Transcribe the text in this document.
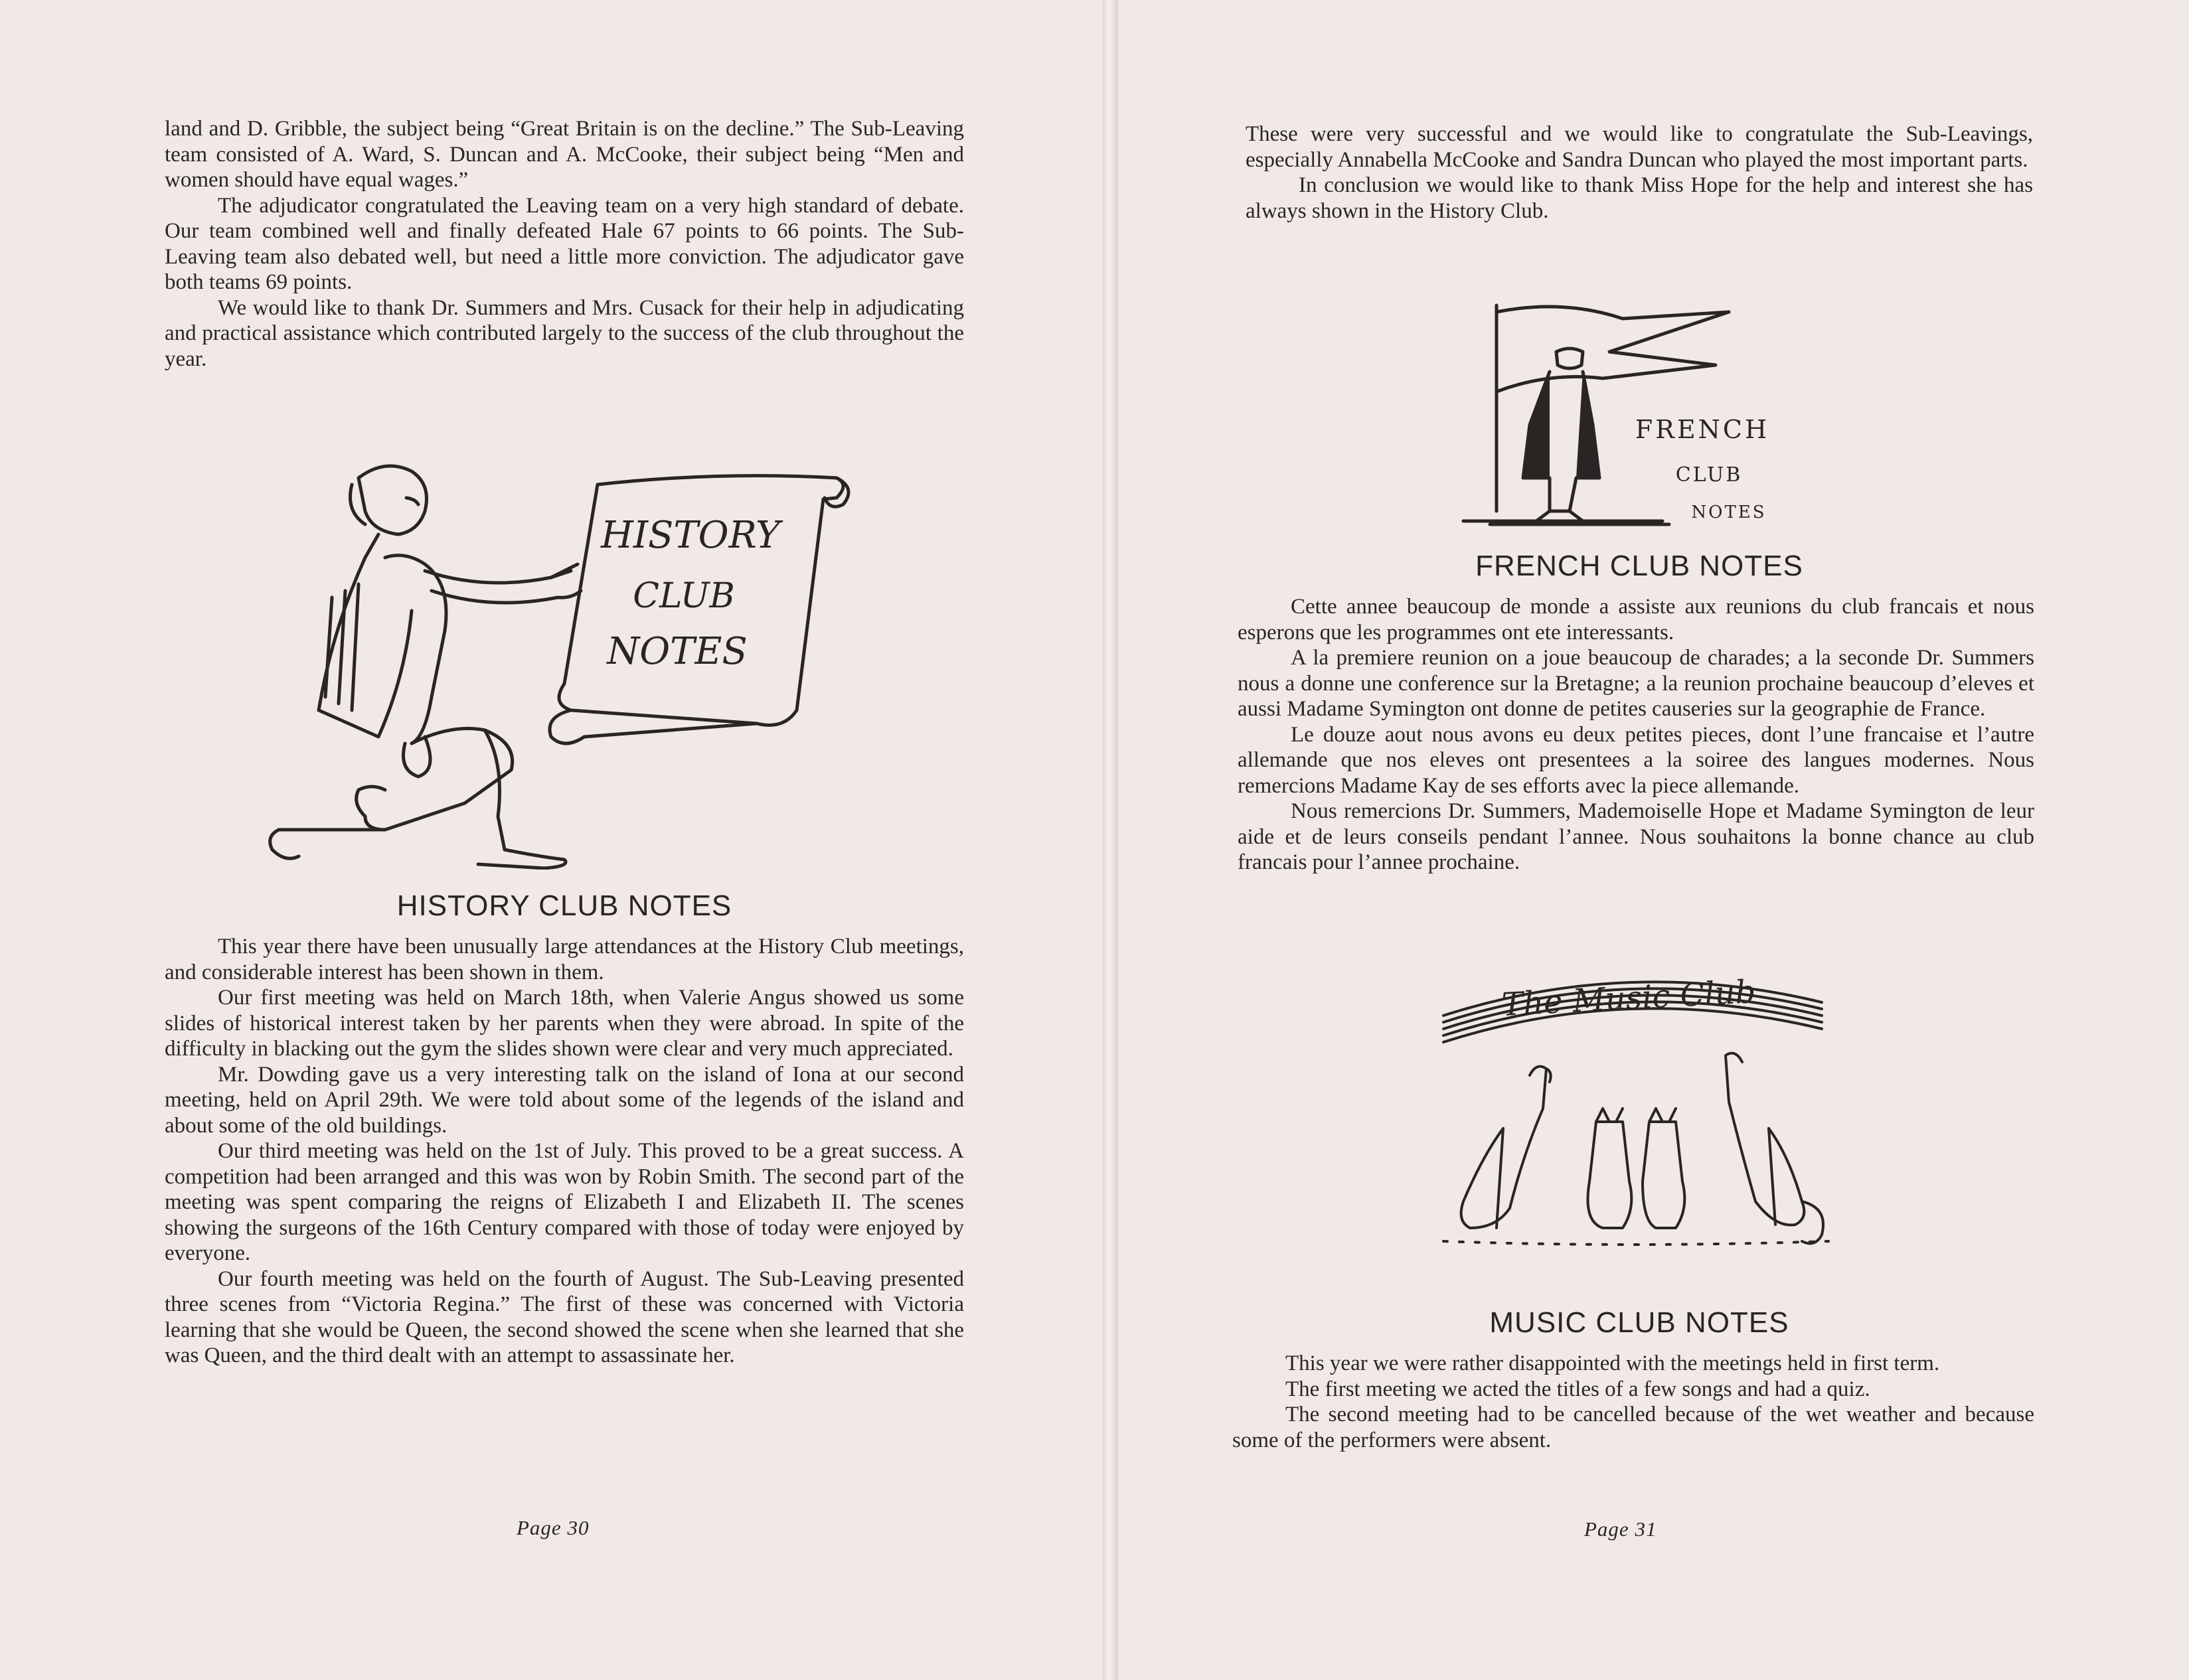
land and D. Gribble, the subject being “Great Britain is on the decline.” The Sub-Leaving team consisted of A. Ward, S. Duncan and A. McCooke, their subject being “Men and women should have equal wages.”

The adjudicator congratulated the Leaving team on a very high standard of debate. Our team combined well and finally defeated Hale 67 points to 66 points. The Sub-Leaving team also debated well, but need a little more conviction. The adjudicator gave both teams 69 points.

We would like to thank Dr. Summers and Mrs. Cusack for their help in adjudicating and practical assistance which contributed largely to the success of the club throughout the year.

HISTORY
CLUB
NOTES
HISTORY CLUB NOTES

This year there have been unusually large attendances at the History Club meetings, and considerable interest has been shown in them.

Our first meeting was held on March 18th, when Valerie Angus showed us some slides of historical interest taken by her parents when they were abroad. In spite of the difficulty in blacking out the gym the slides shown were clear and very much appreciated.

Mr. Dowding gave us a very interesting talk on the island of Iona at our second meeting, held on April 29th. We were told about some of the legends of the island and about some of the old buildings.

Our third meeting was held on the 1st of July. This proved to be a great success. A competition had been arranged and this was won by Robin Smith. The second part of the meeting was spent comparing the reigns of Elizabeth I and Elizabeth II. The scenes showing the surgeons of the 16th Century compared with those of today were enjoyed by everyone.

Our fourth meeting was held on the fourth of August. The Sub-Leaving presented three scenes from “Victoria Regina.” The first of these was concerned with Victoria learning that she would be Queen, the second showed the scene when she learned that she was Queen, and the third dealt with an attempt to assassinate her.

Page 30

These were very successful and we would like to congratulate the Sub-Leavings, especially Annabella McCooke and Sandra Duncan who played the most important parts.

In conclusion we would like to thank Miss Hope for the help and interest she has always shown in the History Club.

FRENCH
CLUB
NOTES
FRENCH CLUB NOTES

Cette annee beaucoup de monde a assiste aux reunions du club francais et nous esperons que les programmes ont ete interessants.

A la premiere reunion on a joue beaucoup de charades; a la seconde Dr. Summers nous a donne une conference sur la Bretagne; a la reunion prochaine beaucoup d’eleves et aussi Madame Symington ont donne de petites causeries sur la geographie de France.

Le douze aout nous avons eu deux petites pieces, dont l’une francaise et l’autre allemande que nos eleves ont presentees a la soiree des langues modernes. Nous remercions Madame Kay de ses efforts avec la piece allemande.

Nous remercions Dr. Summers, Mademoiselle Hope et Madame Symington de leur aide et de leurs conseils pendant l’annee. Nous souhaitons la bonne chance au club francais pour l’annee prochaine.

The Music Club
MUSIC CLUB NOTES

This year we were rather disappointed with the meetings held in first term.

The first meeting we acted the titles of a few songs and had a quiz.

The second meeting had to be cancelled because of the wet weather and because some of the performers were absent.

Page 31
